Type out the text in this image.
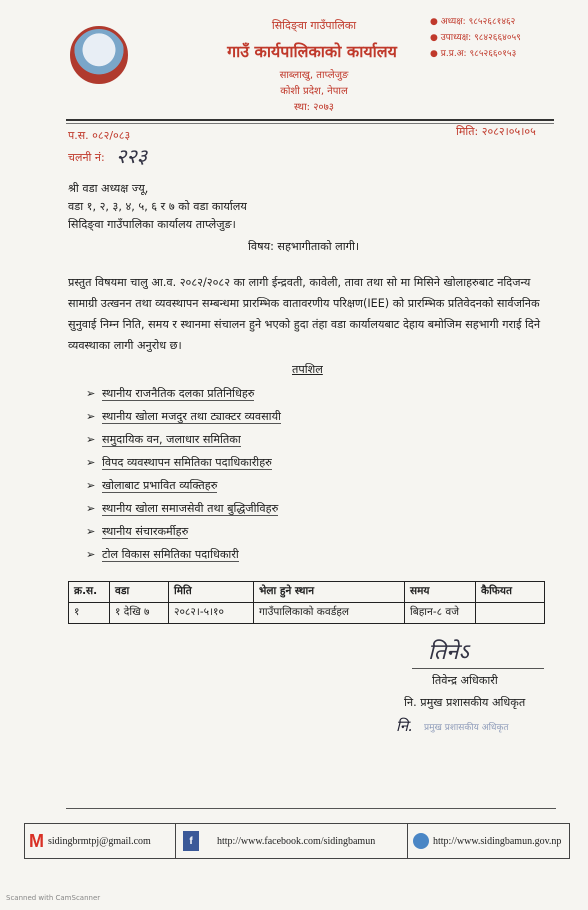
सिदिङ्वा गाउँपालिका
गाउँ कार्यपालिकाको कार्यालय
साब्लाखु, ताप्लेजुङ
कोशी प्रदेश, नेपाल
स्था: २०७३
● अध्यक्ष: ९८५२६८१४६२
● उपाध्यक्ष: ९८४२६६४०५९
● प्र.प्र.अ: ९८५२६६०१५३
प.स. ०८२/०८३	मिति: २०८२।०५।०५
चलनी नं: २२३
श्री वडा अध्यक्ष ज्यू,
वडा १, २, ३, ४, ५, ६ र ७ को वडा कार्यालय
सिदिङ्वा गाउँपालिका कार्यालय ताप्लेजुङ।
विषय: सहभागीताको लागी।
प्रस्तुत विषयमा चालु आ.व. २०८२/२०८२ का लागी ईन्द्रवती, कावेली, तावा तथा सो मा मिसिने खोलाहरुबाट नदिजन्य
सामाग्री उत्खनन तथा व्यवस्थापन सम्बन्धमा प्रारम्भिक वातावरणीय परिक्षण(IEE) को प्रारम्भिक प्रतिवेदनको सार्वजनिक
सुनुवाई निम्न निति, समय र स्थानमा संचालन हुने भएको हुदा तंहा वडा कार्यालयबाट देहाय बमोजिम सहभागी गराई दिने
व्यवस्थाका लागी अनुरोध छ।
तपशिल
➢ स्थानीय राजनैतिक दलका प्रतिनिधिहरु
➢ स्थानीय खोला मजदुर तथा ट्याक्टर व्यवसायी
➢ समुदायिक वन, जलाधार समितिका
➢ विपद व्यवस्थापन समितिका पदाधिकारीहरु
➢ खोलाबाट प्रभावित व्यक्तिहरु
➢ स्थानीय खोला समाजसेवी तथा बुद्धिजीविहरु
➢ स्थानीय संचारकर्मीहरु
➢ टोल विकास समितिका पदाधिकारी
क्र.स.	वडा	मिति	भेला हुने स्थान	समय	कैफियत
१	१ देखि ७	२०८२।-५।१०	गाउँपालिकाको कवर्डहल	बिहान-८ वजे	
तिनेऽ
तिवेन्द्र अधिकारी
नि. प्रमुख प्रशासकीय अधिकृत
नि. प्रमुख प्रशासकीय अधिकृत
M sidingbrmtpj@gmail.com	f	http://www.facebook.com/sidingbamun	http://www.sidingbamun.gov.np
Scanned with CamScanner
